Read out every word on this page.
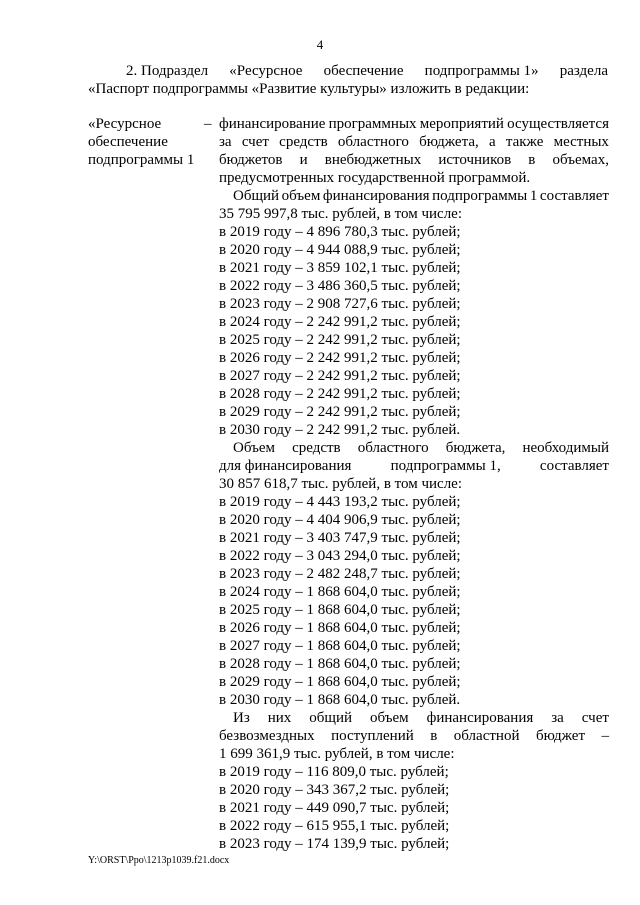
4
2. Подраздел «Ресурсное обеспечение подпрограммы 1» раздела
«Паспорт подпрограммы «Развитие культуры» изложить в редакции:
«Ресурсное
обеспечение
подпрограммы 1
– финансирование программных мероприятий осуществляется
за счет средств областного бюджета, а также местных
бюджетов и внебюджетных источников в объемах,
предусмотренных государственной программой.
Общий объем финансирования подпрограммы 1 составляет
35 795 997,8 тыс. рублей, в том числе:
в 2019 году – 4 896 780,3 тыс. рублей;
в 2020 году – 4 944 088,9 тыс. рублей;
в 2021 году – 3 859 102,1 тыс. рублей;
в 2022 году – 3 486 360,5 тыс. рублей;
в 2023 году – 2 908 727,6 тыс. рублей;
в 2024 году – 2 242 991,2 тыс. рублей;
в 2025 году – 2 242 991,2 тыс. рублей;
в 2026 году – 2 242 991,2 тыс. рублей;
в 2027 году – 2 242 991,2 тыс. рублей;
в 2028 году – 2 242 991,2 тыс. рублей;
в 2029 году – 2 242 991,2 тыс. рублей;
в 2030 году – 2 242 991,2 тыс. рублей.
Объем средств областного бюджета, необходимый
для финансирования	подпрограммы 1,	составляет
30 857 618,7 тыс. рублей, в том числе:
в 2019 году – 4 443 193,2 тыс. рублей;
в 2020 году – 4 404 906,9 тыс. рублей;
в 2021 году – 3 403 747,9 тыс. рублей;
в 2022 году – 3 043 294,0 тыс. рублей;
в 2023 году – 2 482 248,7 тыс. рублей;
в 2024 году – 1 868 604,0 тыс. рублей;
в 2025 году – 1 868 604,0 тыс. рублей;
в 2026 году – 1 868 604,0 тыс. рублей;
в 2027 году – 1 868 604,0 тыс. рублей;
в 2028 году – 1 868 604,0 тыс. рублей;
в 2029 году – 1 868 604,0 тыс. рублей;
в 2030 году – 1 868 604,0 тыс. рублей.
Из них общий объем финансирования за счет
безвозмездных поступлений в областной бюджет –
1 699 361,9 тыс. рублей, в том числе:
в 2019 году – 116 809,0 тыс. рублей;
в 2020 году – 343 367,2 тыс. рублей;
в 2021 году – 449 090,7 тыс. рублей;
в 2022 году – 615 955,1 тыс. рублей;
в 2023 году – 174 139,9 тыс. рублей;
Y:\ORST\Ppo\1213p1039.f21.docx
